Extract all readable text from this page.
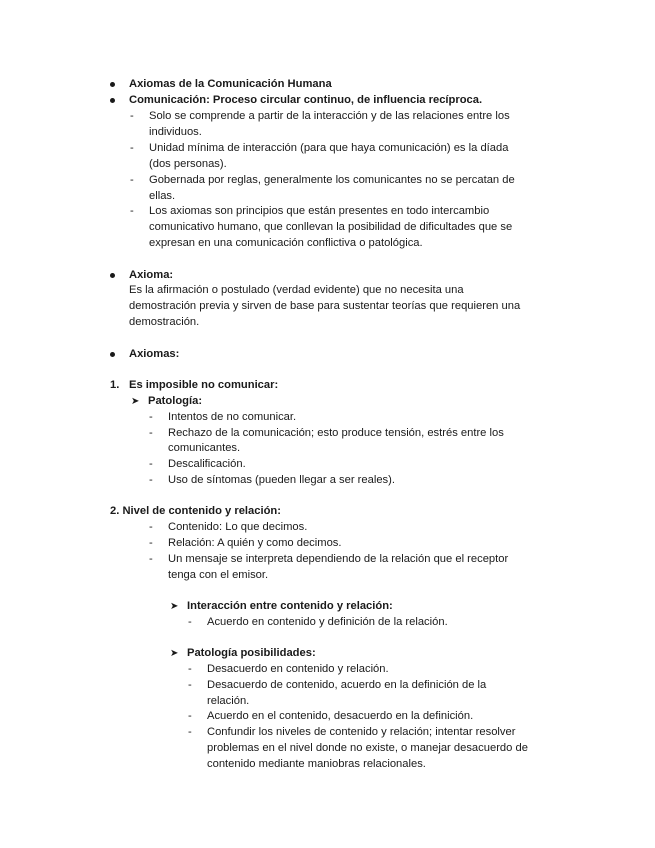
Axiomas de la Comunicación Humana
Comunicación: Proceso circular continuo, de influencia recíproca.
- Solo se comprende a partir de la interacción y de las relaciones entre los
individuos.
- Unidad mínima de interacción (para que haya comunicación) es la díada
(dos personas).
- Gobernada por reglas, generalmente los comunicantes no se percatan de
ellas.
- Los axiomas son principios que están presentes en todo intercambio
comunicativo humano, que conllevan la posibilidad de dificultades que se
expresan en una comunicación conflictiva o patológica.
Axioma:
Es la afirmación o postulado (verdad evidente) que no necesita una
demostración previa y sirven de base para sustentar teorías que requieren una
demostración.
Axiomas:
1. Es imposible no comunicar:
➤ Patología:
- Intentos de no comunicar.
- Rechazo de la comunicación; esto produce tensión, estrés entre los
comunicantes.
- Descalificación.
- Uso de síntomas (pueden llegar a ser reales).
2. Nivel de contenido y relación:
- Contenido: Lo que decimos.
- Relación: A quién y como decimos.
- Un mensaje se interpreta dependiendo de la relación que el receptor
tenga con el emisor.
➤ Interacción entre contenido y relación:
- Acuerdo en contenido y definición de la relación.
➤ Patología posibilidades:
- Desacuerdo en contenido y relación.
- Desacuerdo de contenido, acuerdo en la definición de la
relación.
- Acuerdo en el contenido, desacuerdo en la definición.
- Confundir los niveles de contenido y relación; intentar resolver
problemas en el nivel donde no existe, o manejar desacuerdo de
contenido mediante maniobras relacionales.
